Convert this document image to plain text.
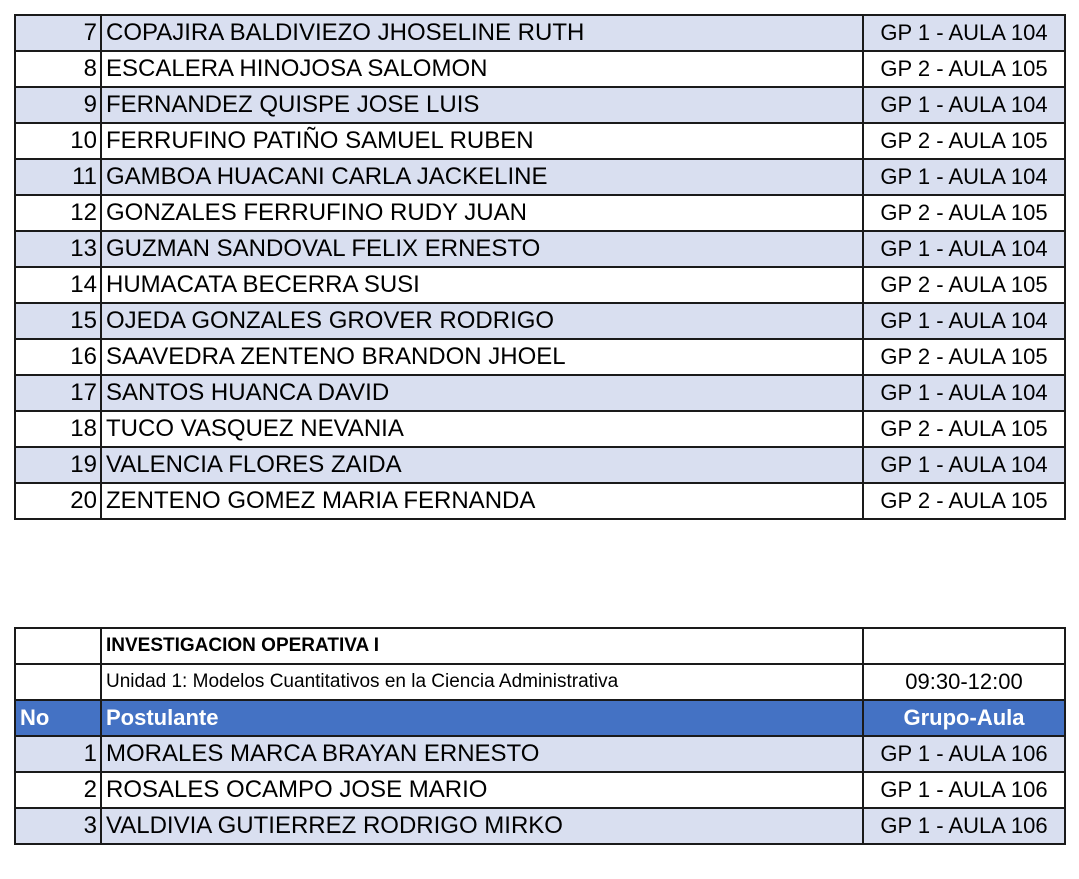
7	COPAJIRA BALDIVIEZO JHOSELINE RUTH	GP 1 - AULA 104
8	ESCALERA HINOJOSA SALOMON	GP 2 - AULA 105
9	FERNANDEZ QUISPE JOSE LUIS	GP 1 - AULA 104
10	FERRUFINO PATIÑO SAMUEL RUBEN	GP 2 - AULA 105
11	GAMBOA HUACANI CARLA JACKELINE	GP 1 - AULA 104
12	GONZALES FERRUFINO RUDY JUAN	GP 2 - AULA 105
13	GUZMAN SANDOVAL FELIX ERNESTO	GP 1 - AULA 104
14	HUMACATA BECERRA SUSI	GP 2 - AULA 105
15	OJEDA GONZALES GROVER RODRIGO	GP 1 - AULA 104
16	SAAVEDRA ZENTENO BRANDON JHOEL	GP 2 - AULA 105
17	SANTOS HUANCA DAVID	GP 1 - AULA 104
18	TUCO VASQUEZ NEVANIA	GP 2 - AULA 105
19	VALENCIA FLORES ZAIDA	GP 1 - AULA 104
20	ZENTENO GOMEZ MARIA FERNANDA	GP 2 - AULA 105
	INVESTIGACION OPERATIVA I	
	Unidad 1: Modelos Cuantitativos en la Ciencia Administrativa	09:30-12:00
No	Postulante	Grupo-Aula
1	MORALES MARCA BRAYAN ERNESTO	GP 1 - AULA 106
2	ROSALES OCAMPO JOSE MARIO	GP 1 - AULA 106
3	VALDIVIA GUTIERREZ RODRIGO MIRKO	GP 1 - AULA 106
